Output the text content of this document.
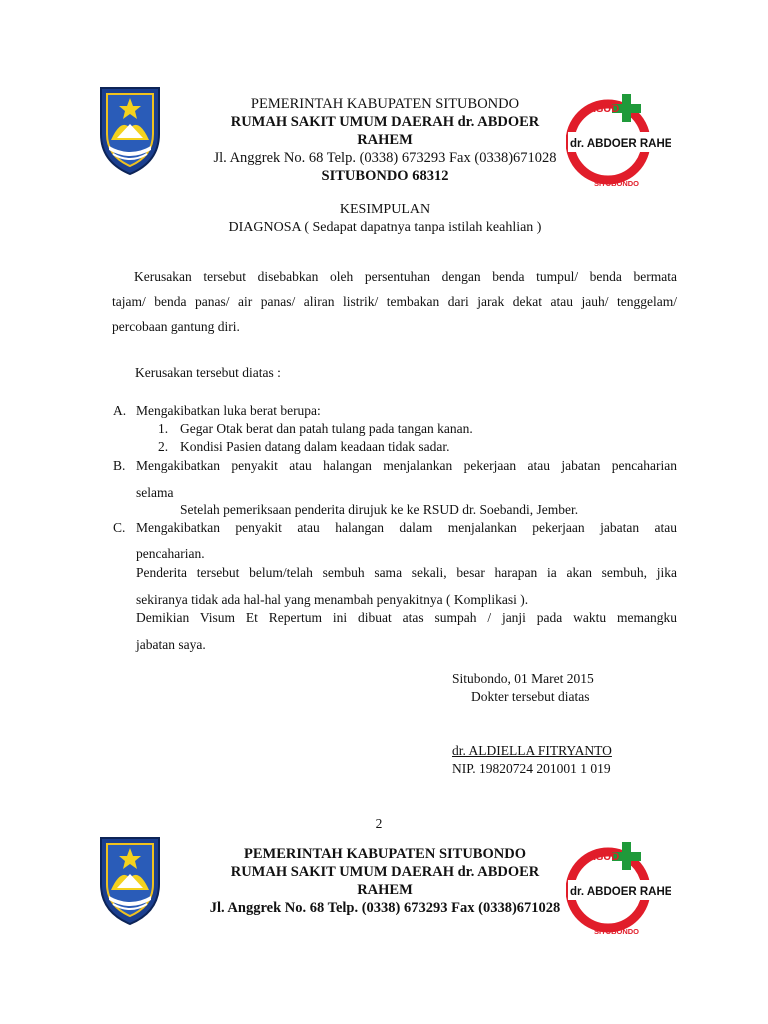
PEMERINTAH KABUPATEN SITUBONDO
RUMAH SAKIT UMUM DAERAH dr. ABDOER
RAHEM
Jl. Anggrek No. 68 Telp. (0338) 673293 Fax (0338)671028
SITUBONDO 68312
RSUD
dr. ABDOER RAHEM
SITUBONDO
KESIMPULAN
DIAGNOSA ( Sedapat dapatnya tanpa istilah keahlian )
Kerusakan tersebut disebabkan oleh persentuhan dengan benda tumpul/ benda bermata
tajam/ benda panas/ air panas/ aliran listrik/ tembakan dari jarak dekat atau jauh/ tenggelam/
percobaan gantung diri.
Kerusakan tersebut diatas :
A. Mengakibatkan luka berat berupa:
1. Gegar Otak berat dan patah tulang pada tangan kanan.
2. Kondisi Pasien datang dalam keadaan tidak sadar.
B. Mengakibatkan penyakit atau halangan menjalankan pekerjaan atau jabatan pencaharian
selama
Setelah pemeriksaan penderita dirujuk ke ke RSUD dr. Soebandi, Jember.
C. Mengakibatkan penyakit atau halangan dalam menjalankan pekerjaan jabatan atau
pencaharian.
Penderita tersebut belum/telah sembuh sama sekali, besar harapan ia akan sembuh, jika
sekiranya tidak ada hal-hal yang menambah penyakitnya ( Komplikasi ).
Demikian Visum Et Repertum ini dibuat atas sumpah / janji pada waktu memangku
jabatan saya.
Situbondo, 01 Maret 2015
Dokter tersebut diatas
dr. ALDIELLA FITRYANTO
NIP. 19820724 201001 1 019
2
PEMERINTAH KABUPATEN SITUBONDO
RUMAH SAKIT UMUM DAERAH dr. ABDOER
RAHEM
Jl. Anggrek No. 68 Telp. (0338) 673293 Fax (0338)671028
RSUD
dr. ABDOER RAHEM
SITUBONDO
